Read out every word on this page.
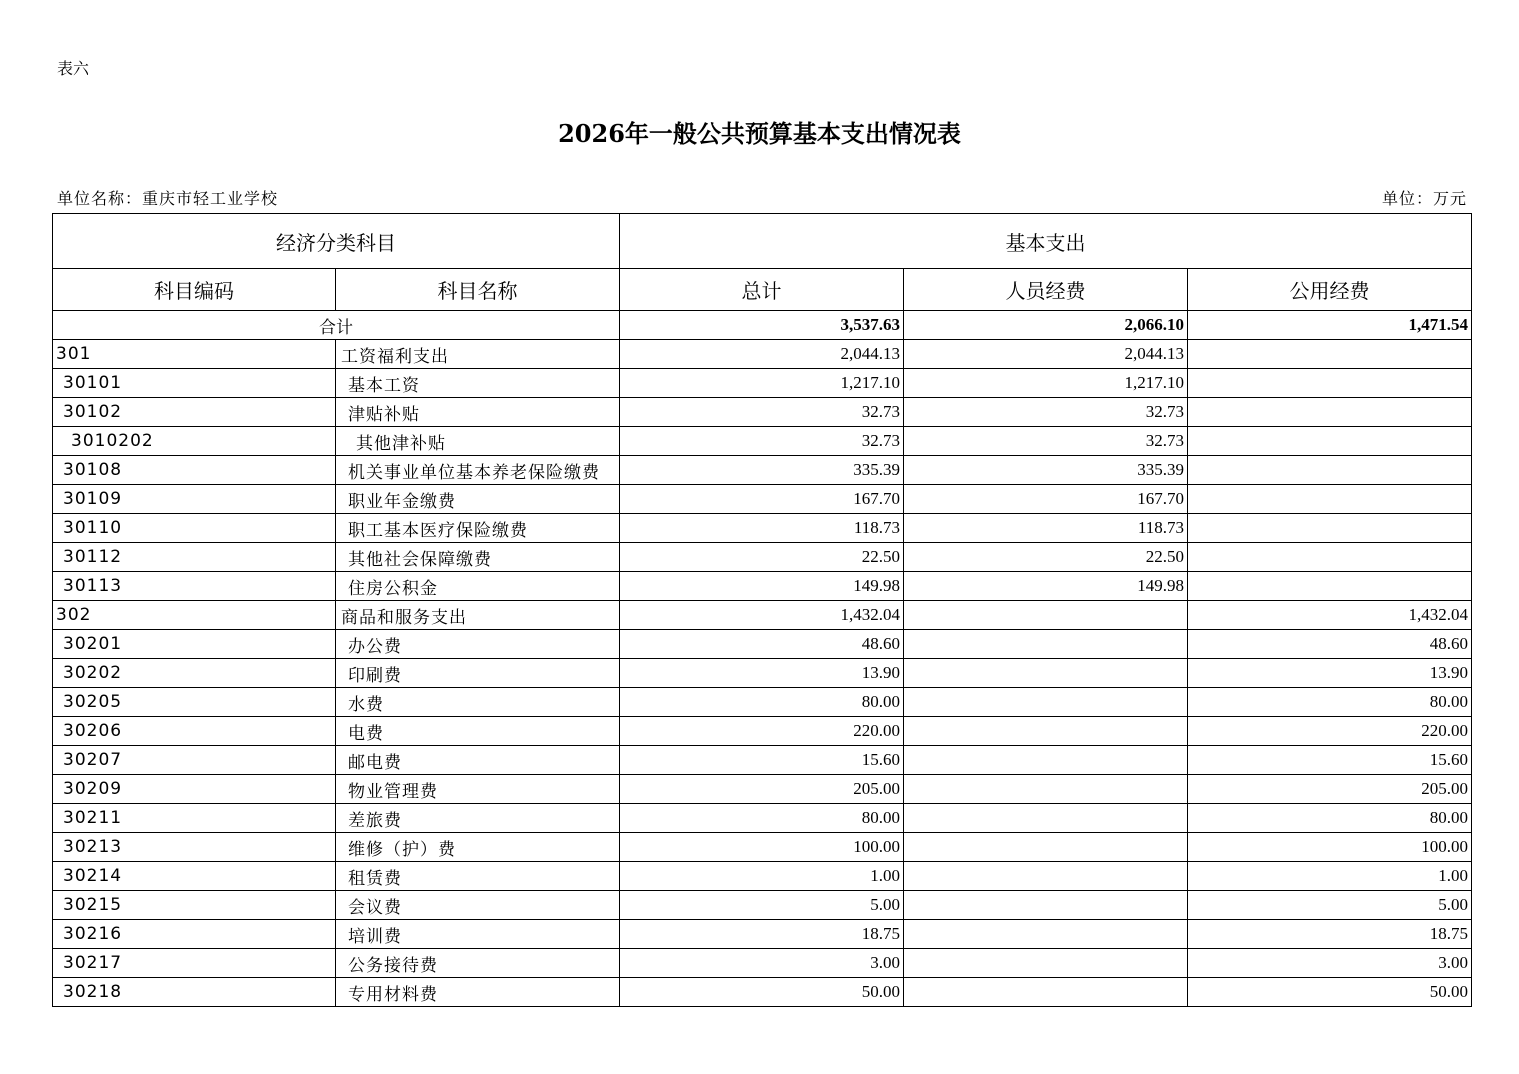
表六
2026年一般公共预算基本支出情况表
单位名称：重庆市轻工业学校	单位：万元
经济分类科目		基本支出		
科目编码	科目名称	总计	人员经费	公用经费
合计		3,537.63	2,066.10	1,471.54
301	工资福利支出	2,044.13	2,044.13	
30101	基本工资	1,217.10	1,217.10	
30102	津贴补贴	32.73	32.73	
3010202	其他津补贴	32.73	32.73	
30108	机关事业单位基本养老保险缴费	335.39	335.39	
30109	职业年金缴费	167.70	167.70	
30110	职工基本医疗保险缴费	118.73	118.73	
30112	其他社会保障缴费	22.50	22.50	
30113	住房公积金	149.98	149.98	
302	商品和服务支出	1,432.04		1,432.04
30201	办公费	48.60		48.60
30202	印刷费	13.90		13.90
30205	水费	80.00		80.00
30206	电费	220.00		220.00
30207	邮电费	15.60		15.60
30209	物业管理费	205.00		205.00
30211	差旅费	80.00		80.00
30213	维修（护）费	100.00		100.00
30214	租赁费	1.00		1.00
30215	会议费	5.00		5.00
30216	培训费	18.75		18.75
30217	公务接待费	3.00		3.00
30218	专用材料费	50.00		50.00
